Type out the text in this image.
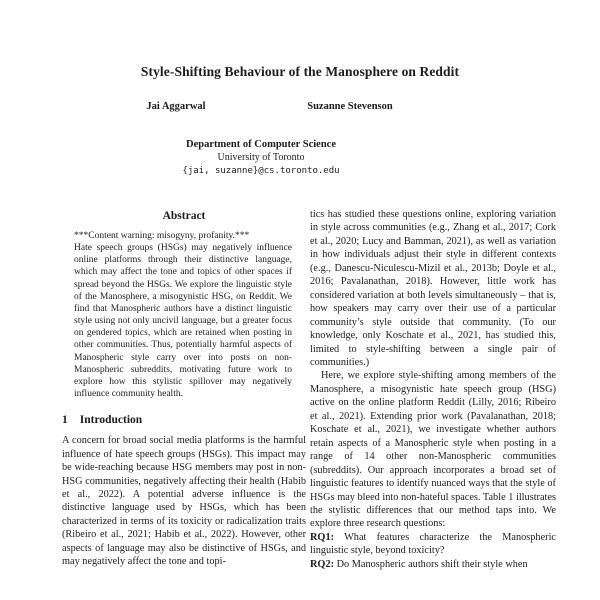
Style-Shifting Behaviour of the Manosphere on Reddit
Jai Aggarwal	Suzanne Stevenson
Department of Computer Science
University of Toronto
{jai, suzanne}@cs.toronto.edu
Abstract
***Content warning: misogyny, profanity.***
Hate speech groups (HSGs) may negatively influence online platforms through their distinctive language, which may affect the tone and topics of other spaces if spread beyond the HSGs. We explore the linguistic style of the Manosphere, a misogynistic HSG, on Reddit. We find that Manospheric authors have a distinct linguistic style using not only uncivil language, but a greater focus on gendered topics, which are retained when posting in other communities. Thus, potentially harmful aspects of Manospheric style carry over into posts on non-Manospheric subreddits, motivating future work to explore how this stylistic spillover may negatively influence community health.
1 Introduction

A concern for broad social media platforms is the harmful influence of hate speech groups (HSGs). This impact may be wide-reaching because HSG members may post in non-HSG communities, negatively affecting their health (Habib et al., 2022). A potential adverse influence is the distinctive language used by HSGs, which has been characterized in terms of its toxicity or radicalization traits (Ribeiro et al., 2021; Habib et al., 2022). However, other aspects of language may also be distinctive of HSGs, and may negatively affect the tone and topi-

tics has studied these questions online, exploring variation in style across communities (e.g., Zhang et al., 2017; Cork et al., 2020; Lucy and Bamman, 2021), as well as variation in how individuals adjust their style in different contexts (e.g., Danescu-Niculescu-Mizil et al., 2013b; Doyle et al., 2016; Pavalanathan, 2018). However, little work has considered variation at both levels simultaneously – that is, how speakers may carry over their use of a particular community’s style outside that community. (To our knowledge, only Koschate et al., 2021, has studied this, limited to style-shifting between a single pair of communities.)

Here, we explore style-shifting among members of the Manosphere, a misogynistic hate speech group (HSG) active on the online platform Reddit (Lilly, 2016; Ribeiro et al., 2021). Extending prior work (Pavalanathan, 2018; Koschate et al., 2021), we investigate whether authors retain aspects of a Manospheric style when posting in a range of 14 other non-Manospheric communities (subreddits). Our approach incorporates a broad set of linguistic features to identify nuanced ways that the style of HSGs may bleed into non-hateful spaces. Table 1 illustrates the stylistic differences that our method taps into. We explore three research questions:

RQ1: What features characterize the Manospheric linguistic style, beyond toxicity?

RQ2: Do Manospheric authors shift their style when
